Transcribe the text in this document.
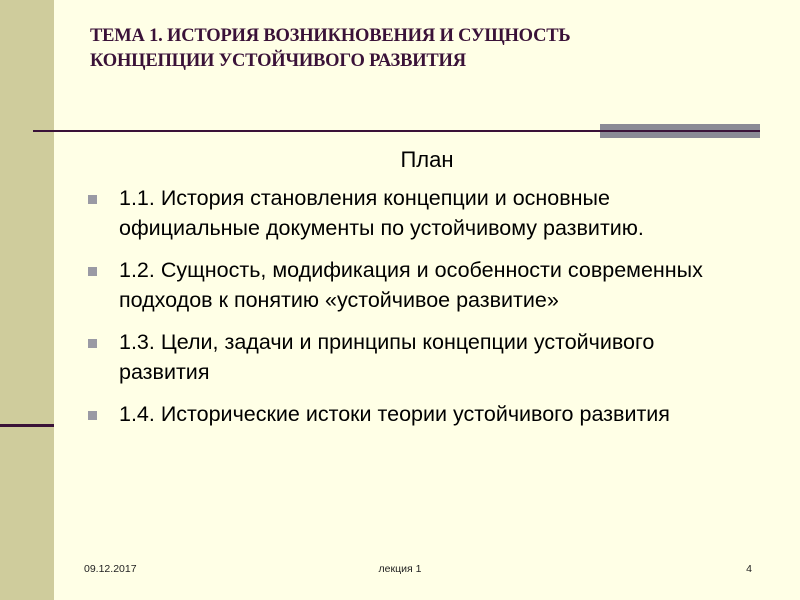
ТЕМА 1. ИСТОРИЯ ВОЗНИКНОВЕНИЯ И СУЩНОСТЬ
КОНЦЕПЦИИ УСТОЙЧИВОГО РАЗВИТИЯ
План
1.1. История становления концепции и основные официальные документы по устойчивому развитию.
1.2. Сущность, модификация и особенности современных подходов к понятию «устойчивое развитие»
1.3. Цели, задачи и принципы концепции устойчивого развития
1.4. Исторические истоки теории устойчивого развития
09.12.2017	лекция 1	4
